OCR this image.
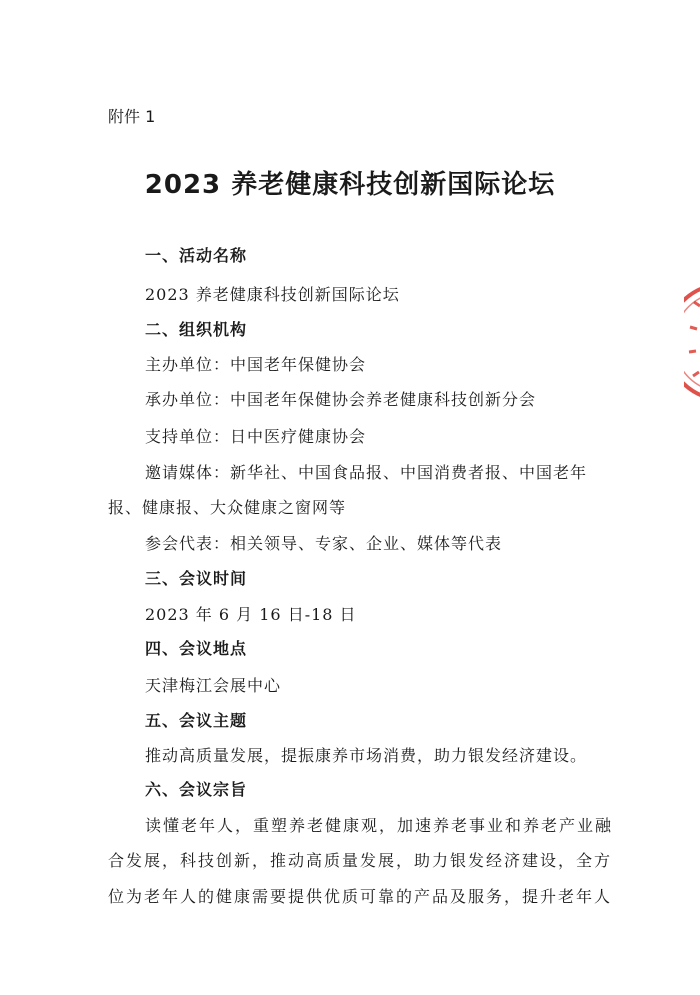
附件 1
2023 养老健康科技创新国际论坛
一、活动名称
2023 养老健康科技创新国际论坛
二、组织机构
主办单位：中国老年保健协会
承办单位：中国老年保健协会养老健康科技创新分会
支持单位：日中医疗健康协会
邀请媒体：新华社、中国食品报、中国消费者报、中国老年
报、健康报、大众健康之窗网等
参会代表：相关领导、专家、企业、媒体等代表
三、会议时间
2023 年 6 月 16 日-18 日
四、会议地点
天津梅江会展中心
五、会议主题
推动高质量发展，提振康养市场消费，助力银发经济建设。
六、会议宗旨
读懂老年人，重塑养老健康观，加速养老事业和养老产业融
合发展，科技创新，推动高质量发展，助力银发经济建设，全方
位为老年人的健康需要提供优质可靠的产品及服务，提升老年人
